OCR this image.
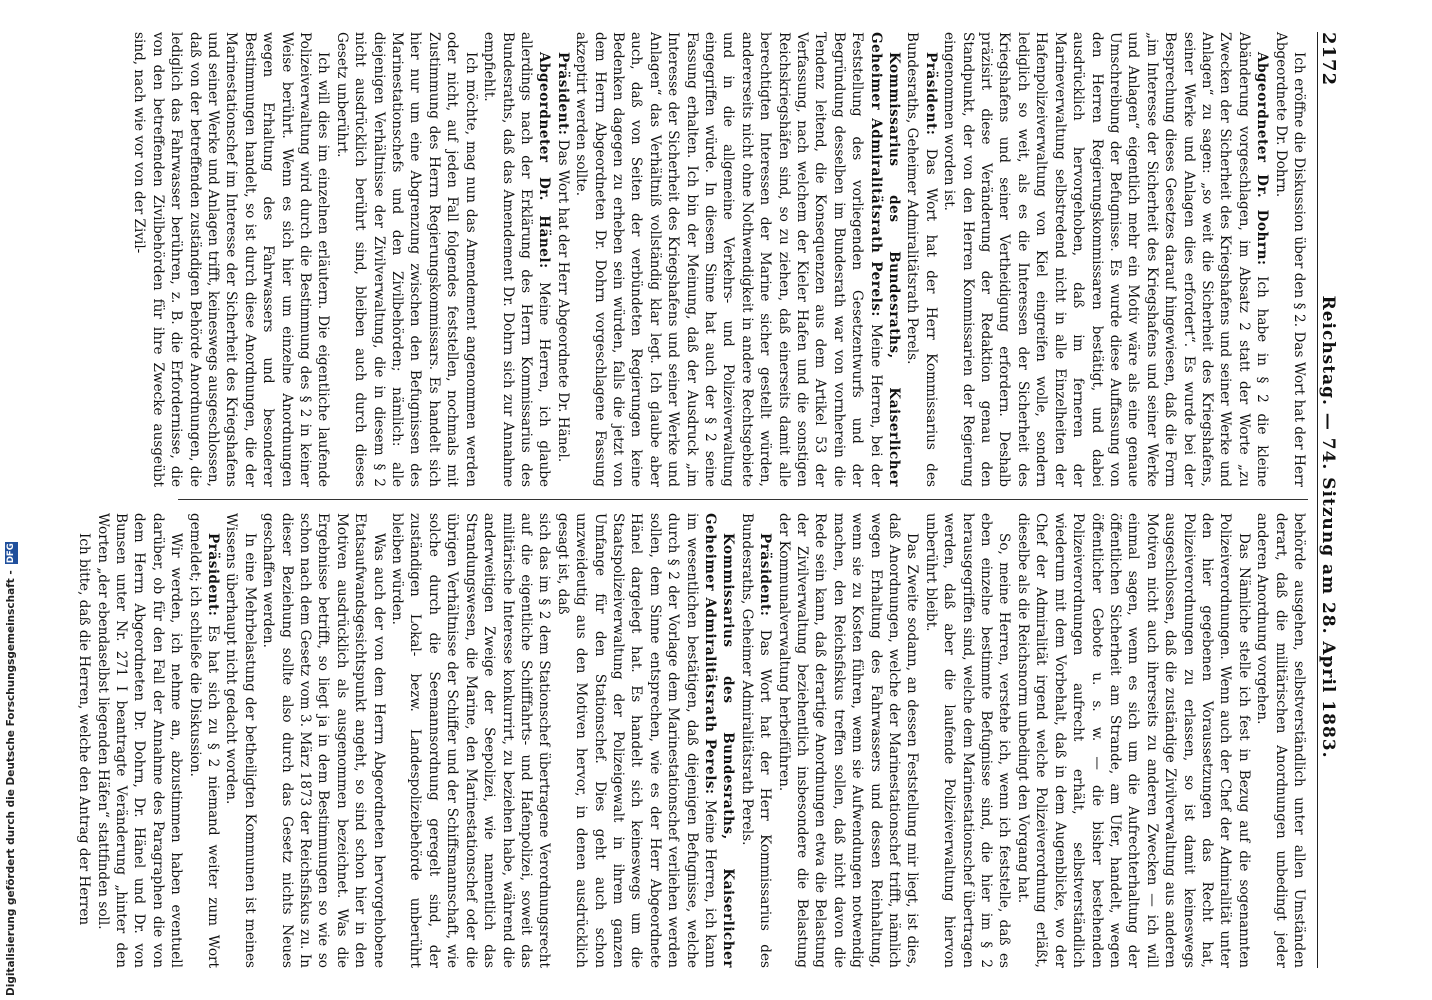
2172
Reichstag. — 74. Sitzung am 28. April 1883.

Ich eröffne die Diskussion über den § 2. Das Wort hat der Herr Abgeordnete Dr. Dohrn.

Abgeordneter Dr. Dohrn: Ich habe in § 2 die kleine Abänderung vorgeschlagen, im Absatz 2 statt der Worte „zu Zwecken der Sicherheit des Kriegshafens und seiner Werke und Anlagen“ zu sagen: „so weit die Sicherheit des Kriegshafens, seiner Werke und Anlagen dies erfordert“. Es wurde bei der Besprechung dieses Gesetzes darauf hingewiesen, daß die Form „im Interesse der Sicherheit des Kriegshafens und seiner Werke und Anlagen“ eigentlich mehr ein Motiv wäre als eine genaue Umschreibung der Befugnisse. Es wurde diese Auffassung von den Herren Regierungskommissaren bestätigt, und dabei ausdrücklich hervorgehoben, daß im ferneren der Marineverwaltung selbstredend nicht in alle Einzelheiten der Hafenpolizeiverwaltung von Kiel eingreifen wolle, sondern lediglich so weit, als es die Interessen der Sicherheit des Kriegshafens und seiner Vertheidigung erfordern. Deshalb präzisirt diese Veränderung der Redaktion genau den Standpunkt, der von den Herren Kommissarien der Regierung eingenommen worden ist.

Präsident: Das Wort hat der Herr Kommissarius des Bundesraths, Geheimer Admiralitätsrath Perels.

Kommissarius des Bundesraths, Kaiserlicher Geheimer Admiralitätsrath Perels: Meine Herren, bei der Feststellung des vorliegenden Gesetzentwurfs und der Begründung desselben im Bundesrath war von vornherein die Tendenz leitend, die Konsequenzen aus dem Artikel 53 der Verfassung, nach welchem der Kieler Hafen und die sonstigen Reichskriegshäfen sind, so zu ziehen, daß einerseits damit alle berechtigten Interessen der Marine sicher gestellt würden, andererseits nicht ohne Nothwendigkeit in andere Rechtsgebiete und in die allgemeine Verkehrs- und Polizeiverwaltung eingegriffen würde. In diesem Sinne hat auch der § 2 seine Fassung erhalten. Ich bin der Meinung, daß der Ausdruck „im Interesse der Sicherheit des Kriegshafens und seiner Werke und Anlagen“ das Verhältniß vollständig klar legt. Ich glaube aber auch, daß von Seiten der verbündeten Regierungen keine Bedenken dagegen zu erheben sein würden, falls die jetzt von dem Herrn Abgeordneten Dr. Dohrn vorgeschlagene Fassung akzeptirt werden sollte.

Präsident: Das Wort hat der Herr Abgeordnete Dr. Hänel.

Abgeordneter Dr. Hänel: Meine Herren, ich glaube allerdings nach der Erklärung des Herrn Kommissarius des Bundesraths, daß das Amendement Dr. Dohrn sich zur Annahme empfiehlt.

Ich möchte, mag nun das Amendement angenommen werden oder nicht, auf jeden Fall folgendes feststellen, nochmals mit Zustimmung des Herrn Regierungskommissars. Es handelt sich hier nur um eine Abgrenzung zwischen den Befugnissen des Marinestationschefs und den Zivilbehörden; nämlich: alle diejenigen Verhältnisse der Zivilverwaltung, die in diesem § 2 nicht ausdrücklich berührt sind, bleiben auch durch dieses Gesetz unberührt.

Ich will dies im einzelnen erläutern. Die eigentliche laufende Polizeiverwaltung wird durch die Bestimmung des § 2 in keiner Weise berührt. Wenn es sich hier um einzelne Anordnungen wegen Erhaltung des Fahrwassers und besonderer Bestimmungen handelt, so ist durch diese Anordnungen, die der Marinestationschef im Interesse der Sicherheit des Kriegshafens und seiner Werke und Anlagen trifft, keineswegs ausgeschlossen, daß von der betreffenden zuständigen Behörde Anordnungen, die lediglich das Fahrwasser berühren, z. B. die Erfordernisse, die von den betreffenden Zivilbehörden für ihre Zwecke ausgeübt sind, nach wie vor von der Zivil-

behörde ausgehen, selbstverständlich unter allen Umständen derart, daß die militärischen Anordnungen unbedingt jeder anderen Anordnung vorgehen.

Das Nämliche stelle ich fest in Bezug auf die sogenannten Polizeiverordnungen. Wenn auch der Chef der Admiralität unter den hier gegebenen Voraussetzungen das Recht hat, Polizeiverordnungen zu erlassen, so ist damit keineswegs ausgeschlossen, daß die zuständige Zivilverwaltung aus anderen Motiven nicht auch ihrerseits zu anderen Zwecken — ich will einmal sagen, wenn es sich um die Aufrechterhaltung der öffentlichen Sicherheit am Strande, am Ufer, handelt, wegen öffentlicher Gebote u. s. w. — die bisher bestehenden Polizeiverordnungen aufrecht erhält, selbstverständlich wiederum mit dem Vorbehalt, daß in dem Augenblicke, wo der Chef der Admiralität irgend welche Polizeiverordnung erläßt, dieselbe als die Reichsnorm unbedingt den Vorgang hat.

So, meine Herren, verstehe ich, wenn ich feststelle, daß es eben einzelne bestimmte Befugnisse sind, die hier im § 2 herausgegriffen sind, welche dem Marinestationschef übertragen werden, daß aber die laufende Polizeiverwaltung hiervon unberührt bleibt.

Das Zweite sodann, an dessen Feststellung mir liegt, ist dies, daß Anordnungen, welche der Marinestationschef trifft, nämlich wegen Erhaltung des Fahrwassers und dessen Reinhaltung, wenn sie zu Kosten führen, wenn sie Aufwendungen notwendig machen, den Reichsfiskus treffen sollen, daß nicht davon die Rede sein kann, daß derartige Anordnungen etwa die Belastung der Zivilverwaltung beziehentlich insbesondere die Belastung der Kommunalverwaltung herbeiführen.

Präsident: Das Wort hat der Herr Kommissarius des Bundesraths, Geheimer Admiralitätsrath Perels.

Kommissarius des Bundesraths, Kaiserlicher Geheimer Admiralitätsrath Perels: Meine Herren, ich kann im wesentlichen bestätigen, daß diejenigen Befugnisse, welche durch § 2 der Vorlage dem Marinestationschef verliehen werden sollen, dem Sinne entsprechen, wie es der Herr Abgeordnete Hänel dargelegt hat. Es handelt sich keineswegs um die Staatspolizeiverwaltung der Polizeigewalt in ihrem ganzen Umfange für den Stationschef. Dies geht auch schon unzweideutig aus den Motiven hervor, in denen ausdrücklich gesagt ist, daß

sich das im § 2 dem Stationschef übertragene Verordnungsrecht auf die eigentliche Schifffahrts- und Hafenpolizei, soweit das militärische Interesse konkurrirt, zu beziehen habe, während die anderweitigen Zweige der Seepolizei, wie namentlich das Strandungswesen, die Marine, den Marinestationschef oder die übrigen Verhältnisse der Schiffer und der Schiffsmannschaft, wie solche durch die Seemannsordnung geregelt sind, der zuständigen Lokal- bezw. Landespolizeibehörde unberührt bleiben würden.

Was auch der von dem Herrn Abgeordneten hervorgehobene Etatsaufwandsgesichtspunkt angeht, so sind schon hier in den Motiven ausdrücklich als ausgenommen bezeichnet. Was die Ergebnisse betrifft, so liegt ja in dem Bestimmungen so wie so schon nach dem Gesetz vom 3. März 1873 der Reichsfiskus zu. In dieser Beziehung sollte also durch das Gesetz nichts Neues geschaffen werden.

In eine Mehrbelastung der betheiligten Kommunen ist meines Wissens überhaupt nicht gedacht worden.

Präsident: Es hat sich zu § 2 niemand weiter zum Wort gemeldet; ich schließe die Diskussion.

Wir werden, ich nehme an, abzustimmen haben eventuell darüber, ob für den Fall der Annahme des Paragraphen die von dem Herrn Abgeordneten Dr. Dohrn, Dr. Hänel und Dr. von Bunsen unter Nr. 271 I beantragte Veränderung „hinter den Worten „der ebendaselbst liegenden Häfen“ stattfinden soll.

Ich bitte, daß die Herren, welche den Antrag der Herren

Digitalisierung gefördert durch die Deutsche Forschungsgemeinschaft -
DFG
